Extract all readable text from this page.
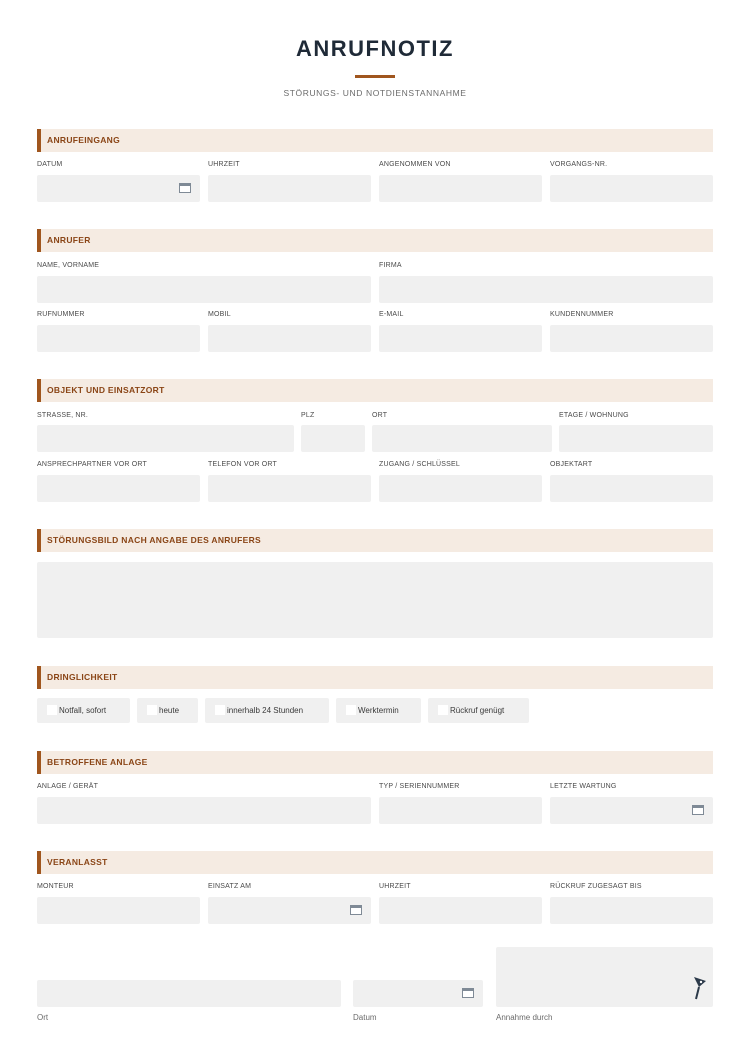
ANRUFNOTIZ
STÖRUNGS- UND NOTDIENSTANNAHME
ANRUFEINGANG
DATUM	UHRZEIT	ANGENOMMEN VON	VORGANGS-NR.
ANRUFER
NAME, VORNAME	FIRMA
RUFNUMMER	MOBIL	E-MAIL	KUNDENNUMMER
OBJEKT UND EINSATZORT
STRASSE, NR.	PLZ	ORT	ETAGE / WOHNUNG
ANSPRECHPARTNER VOR ORT	TELEFON VOR ORT	ZUGANG / SCHLÜSSEL	OBJEKTART
STÖRUNGSBILD NACH ANGABE DES ANRUFERS
DRINGLICHKEIT
Notfall, sofort	heute	innerhalb 24 Stunden	Werktermin	Rückruf genügt
BETROFFENE ANLAGE
ANLAGE / GERÄT	TYP / SERIENNUMMER	LETZTE WARTUNG
VERANLASST
MONTEUR	EINSATZ AM	UHRZEIT	RÜCKRUF ZUGESAGT BIS
Ort	Datum	Annahme durch
